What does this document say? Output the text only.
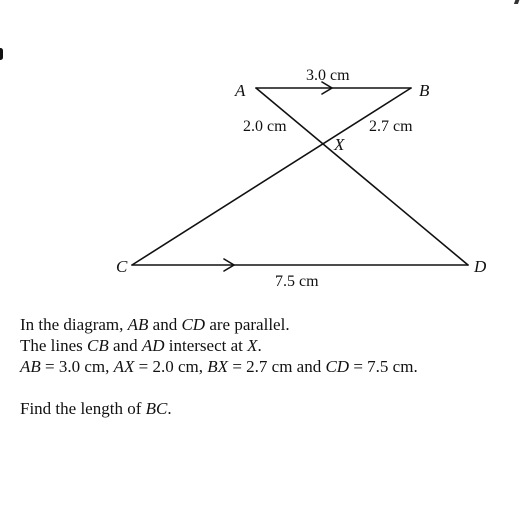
A	B
C	D
X
3.0 cm
2.0 cm	2.7 cm
7.5 cm

In the diagram, AB and CD are parallel.

The lines CB and AD intersect at X.

AB = 3.0 cm, AX = 2.0 cm, BX = 2.7 cm and CD = 7.5 cm.

Find the length of BC.
